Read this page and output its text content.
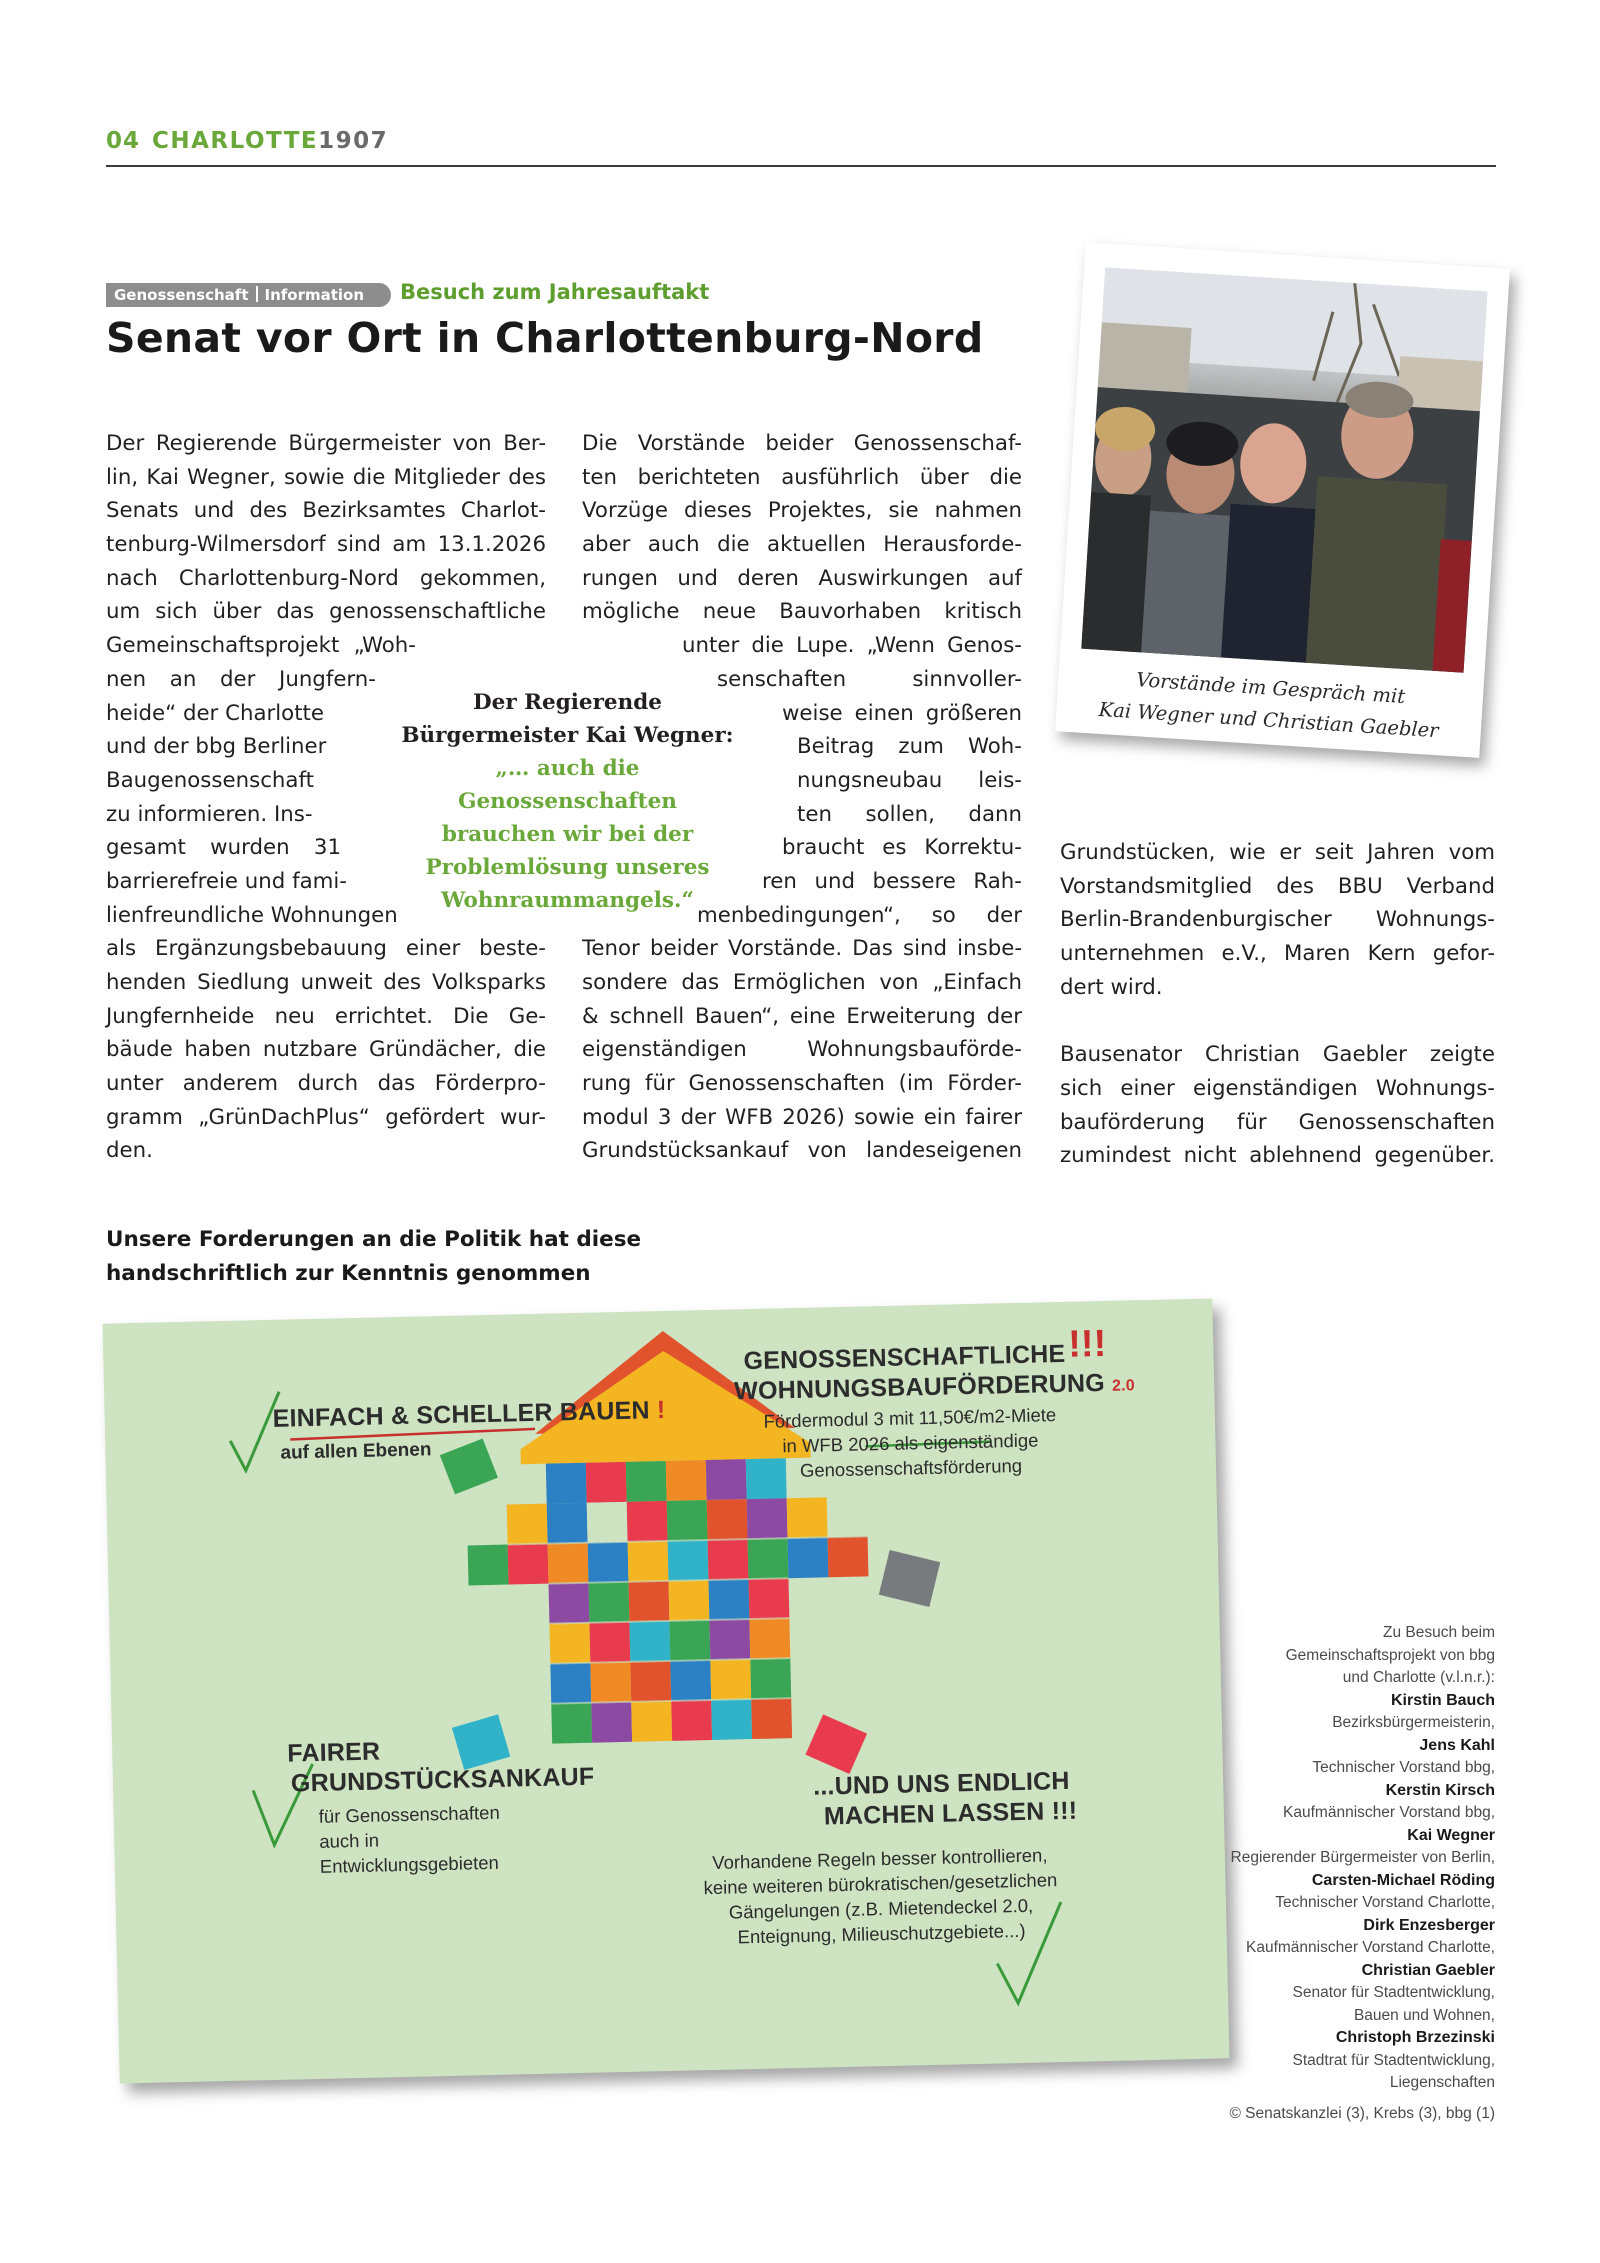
04 CHARLOTTE1907
Genossenschaft Information	Besuch zum Jahresauftakt
Senat vor Ort in Charlottenburg-Nord
Der Regierende Bürgermeister von Ber-
lin, Kai Wegner, sowie die Mitglieder des
Senats und des Bezirksamtes Charlot-
tenburg-Wilmersdorf sind am 13.1.2026
nach Charlottenburg-Nord gekommen,
um sich über das genossenschaftliche
Gemeinschaftsprojekt „Woh-
nen an der Jungfern-
heide“ der Charlotte
und der bbg Berliner
Baugenossenschaft
zu informieren. Ins-
gesamt wurden 31
barrierefreie und fami-
lienfreundliche Wohnungen
als Ergänzungsbebauung einer beste-
henden Siedlung unweit des Volksparks
Jungfernheide neu errichtet. Die Ge-
bäude haben nutzbare Gründächer, die
unter anderem durch das Förderpro-
gramm „GrünDachPlus“ gefördert wur-
den.
Die Vorstände beider Genossenschaf-
ten berichteten ausführlich über die
Vorzüge dieses Projektes, sie nahmen
aber auch die aktuellen Herausforde-
rungen und deren Auswirkungen auf
mögliche neue Bauvorhaben kritisch
unter die Lupe. „Wenn Genos-
senschaften sinnvoller-
weise einen größeren
Beitrag zum Woh-
nungsneubau leis-
ten sollen, dann
braucht es Korrektu-
ren und bessere Rah-
menbedingungen“, so der
Tenor beider Vorstände. Das sind insbe-
sondere das Ermöglichen von „Einfach
& schnell Bauen“, eine Erweiterung der
eigenständigen Wohnungsbauförde-
rung für Genossenschaften (im Förder-
modul 3 der WFB 2026) sowie ein fairer
Grundstücksankauf von landeseigenen
Der Regierende
Bürgermeister Kai Wegner:
„… auch die Genossenschaften
brauchen wir bei der
Problemlösung unseres
Wohnraummangels.“
Vorstände im Gespräch mit
Kai Wegner und Christian Gaebler
Grundstücken, wie er seit Jahren vom
Vorstandsmitglied des BBU Verband
Berlin-Brandenburgischer Wohnungs-
unternehmen e.V., Maren Kern gefor-
dert wird.
Bausenator Christian Gaebler zeigte
sich einer eigenständigen Wohnungs-
bauförderung für Genossenschaften
zumindest nicht ablehnend gegenüber.
Unsere Forderungen an die Politik hat diese
handschriftlich zur Kenntnis genommen
EINFACH & SCHELLER BAUEN !
auf allen Ebenen
GENOSSENSCHAFTLICHE
WOHNUNGSBAUFÖRDERUNG 2.0
!!!
Fördermodul 3 mit 11,50€/m2-Miete
in WFB 2026 als eigenständige
Genossenschaftsförderung
FAIRER
GRUNDSTÜCKSANKAUF
für Genossenschaften
auch in
Entwicklungsgebieten
...UND UNS ENDLICH
MACHEN LASSEN !!!
Vorhandene Regeln besser kontrollieren,
keine weiteren bürokratischen/gesetzlichen
Gängelungen (z.B. Mietendeckel 2.0,
Enteignung, Milieuschutzgebiete...)
Zu Besuch beim
Gemeinschaftsprojekt von bbg
und Charlotte (v.l.n.r.):
Kirstin Bauch
Bezirksbürgermeisterin,
Jens Kahl
Technischer Vorstand bbg,
Kerstin Kirsch
Kaufmännischer Vorstand bbg,
Kai Wegner
Regierender Bürgermeister von Berlin,
Carsten-Michael Röding
Technischer Vorstand Charlotte,
Dirk Enzesberger
Kaufmännischer Vorstand Charlotte,
Christian Gaebler
Senator für Stadtentwicklung,
Bauen und Wohnen,
Christoph Brzezinski
Stadtrat für Stadtentwicklung,
Liegenschaften
© Senatskanzlei (3), Krebs (3), bbg (1)
